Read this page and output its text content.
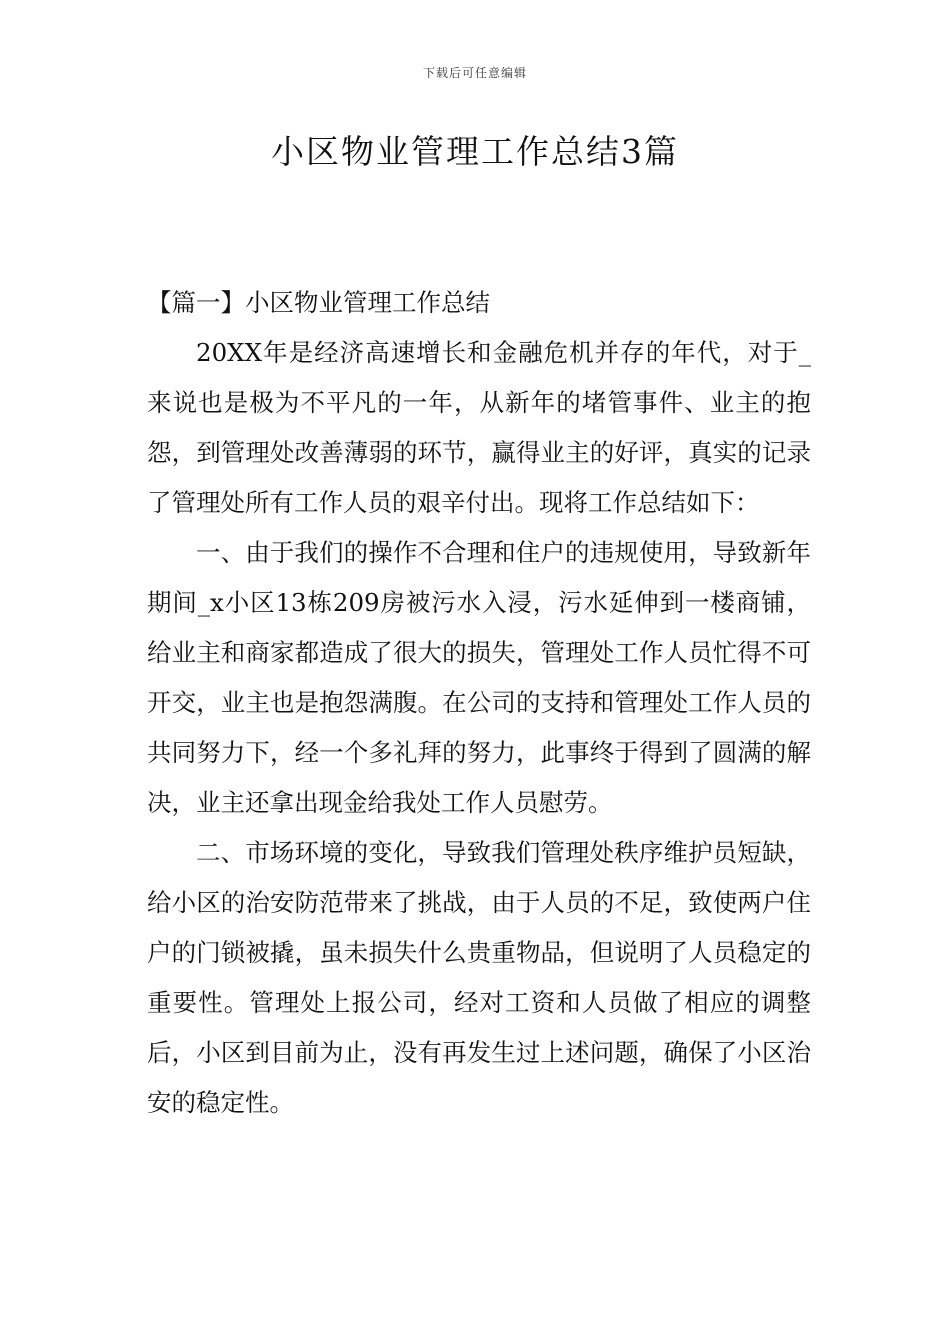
下载后可任意编辑
小区物业管理工作总结3篇

【篇一】小区物业管理工作总结

20XX年是经济高速增长和金融危机并存的年代，对于_来说也是极为不平凡的一年，从新年的堵管事件、业主的抱怨，到管理处改善薄弱的环节，赢得业主的好评，真实的记录了管理处所有工作人员的艰辛付出。现将工作总结如下：

一、由于我们的操作不合理和住户的违规使用，导致新年期间_x小区13栋209房被污水入浸，污水延伸到一楼商铺，给业主和商家都造成了很大的损失，管理处工作人员忙得不可开交，业主也是抱怨满腹。在公司的支持和管理处工作人员的共同努力下，经一个多礼拜的努力，此事终于得到了圆满的解决，业主还拿出现金给我处工作人员慰劳。

二、市场环境的变化，导致我们管理处秩序维护员短缺，给小区的治安防范带来了挑战，由于人员的不足，致使两户住户的门锁被撬，虽未损失什么贵重物品，但说明了人员稳定的重要性。管理处上报公司，经对工资和人员做了相应的调整后，小区到目前为止，没有再发生过上述问题，确保了小区治安的稳定性。
